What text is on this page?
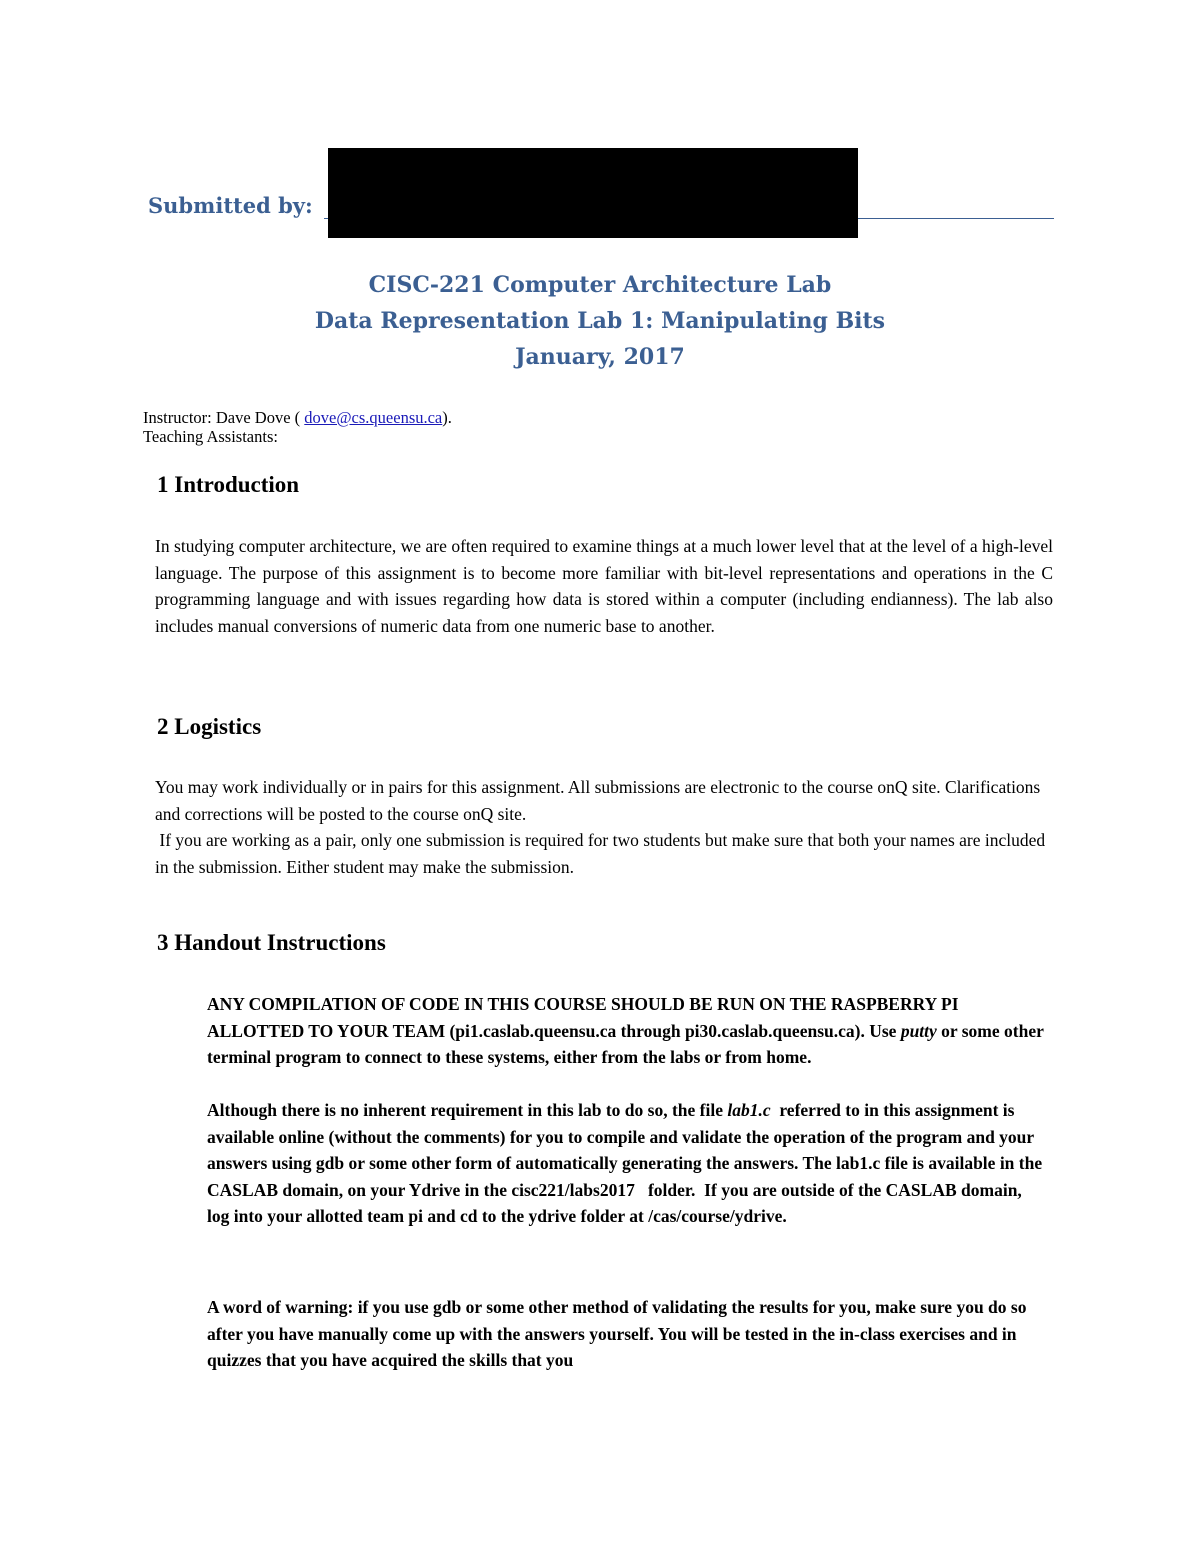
Submitted by:
CISC-221 Computer Architecture Lab
Data Representation Lab 1: Manipulating Bits
January, 2017
Instructor: Dave Dove ( dove@cs.queensu.ca).
Teaching Assistants:
1 Introduction

In studying computer architecture, we are often required to examine things at a much lower level that at the level of a high-level language. The purpose of this assignment is to become more familiar with bit-level representations and operations in the C programming language and with issues regarding how data is stored within a computer (including endianness). The lab also includes manual conversions of numeric data from one numeric base to another.

2 Logistics

You may work individually or in pairs for this assignment. All submissions are electronic to the course onQ site. Clarifications and corrections will be posted to the course onQ site.

If you are working as a pair, only one submission is required for two students but make sure that both your names are included in the submission. Either student may make the submission.

3 Handout Instructions

ANY COMPILATION OF CODE IN THIS COURSE SHOULD BE RUN ON THE RASPBERRY PI ALLOTTED TO YOUR TEAM (pi1.caslab.queensu.ca through pi30.caslab.queensu.ca). Use putty or some other terminal program to connect to these systems, either from the labs or from home.

Although there is no inherent requirement in this lab to do so, the file lab1.c  referred to in this assignment is available online (without the comments) for you to compile and validate the operation of the program and your answers using gdb or some other form of automatically generating the answers. The lab1.c file is available in the CASLAB domain, on your Ydrive in the cisc221/labs2017   folder.  If you are outside of the CASLAB domain, log into your allotted team pi and cd to the ydrive folder at /cas/course/ydrive.

A word of warning: if you use gdb or some other method of validating the results for you, make sure you do so after you have manually come up with the answers yourself. You will be tested in the in-class exercises and in quizzes that you have acquired the skills that you
